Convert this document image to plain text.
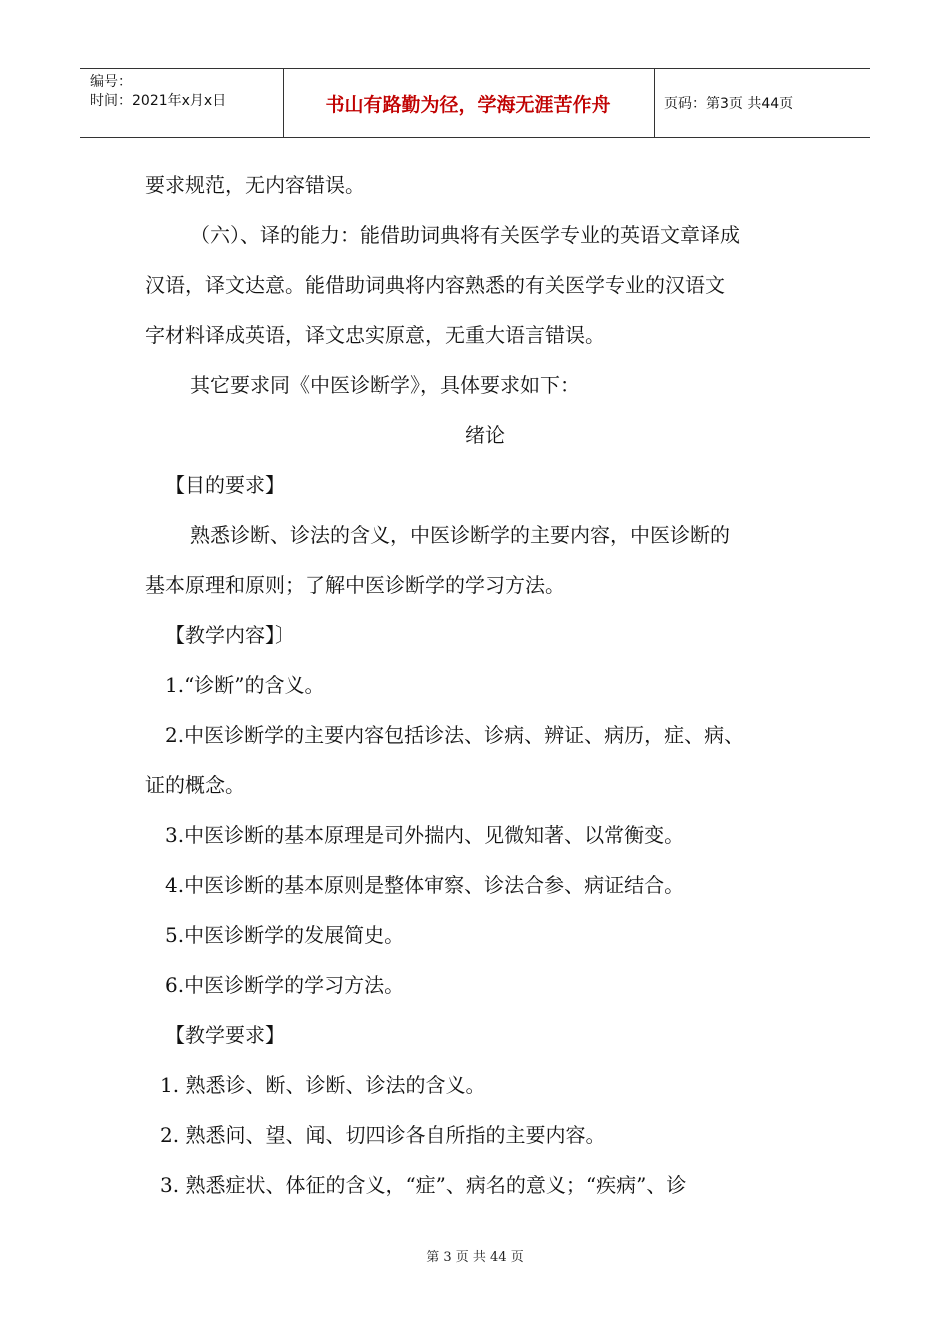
编号：
时间：2021年x月x日	书山有路勤为径，学海无涯苦作舟	页码：第3页 共44页
要求规范，无内容错误。
（六）、译的能力：能借助词典将有关医学专业的英语文章译成
汉语，译文达意。能借助词典将内容熟悉的有关医学专业的汉语文
字材料译成英语，译文忠实原意，无重大语言错误。
其它要求同《中医诊断学》，具体要求如下：
绪论
【目的要求】
熟悉诊断、诊法的含义，中医诊断学的主要内容，中医诊断的
基本原理和原则；了解中医诊断学的学习方法。
【教学内容】〕
1.“诊断”的含义。
2.中医诊断学的主要内容包括诊法、诊病、辨证、病历，症、病、
证的概念。
3.中医诊断的基本原理是司外揣内、见微知著、以常衡变。
4.中医诊断的基本原则是整体审察、诊法合参、病证结合。
5.中医诊断学的发展简史。
6.中医诊断学的学习方法。
【教学要求】
1. 熟悉诊、断、诊断、诊法的含义。
2. 熟悉问、望、闻、切四诊各自所指的主要内容。
3. 熟悉症状、体征的含义，“症”、病名的意义；“疾病”、诊
第 3 页 共 44 页
